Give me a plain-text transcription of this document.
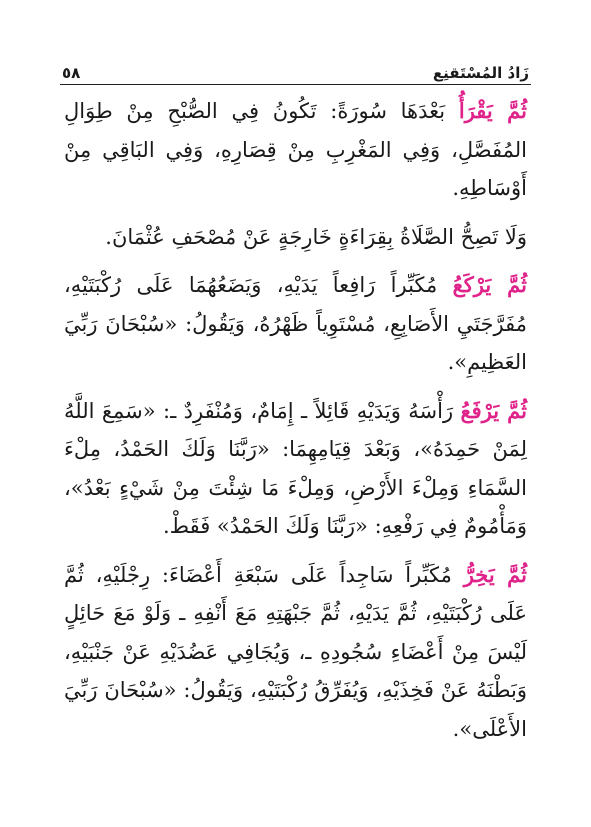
زَادُ المُسْتَقنِع
٥٨

ثُمَّ يَقْرَأُ بَعْدَهَا سُورَةً: تَكُونُ فِي الصُّبْحِ مِنْ طِوَالِ المُفَصَّلِ، وَفِي المَغْرِبِ مِنْ قِصَارِهِ، وَفِي البَاقِي مِنْ أَوْسَاطِهِ.

وَلَا تَصِحُّ الصَّلَاةُ بِقِرَاءَةٍ خَارِجَةٍ عَنْ مُصْحَفِ عُثْمَانَ.

ثُمَّ يَرْكَعُ مُكَبِّراً رَافِعاً يَدَيْهِ، وَيَضَعُهُمَا عَلَى رُكْبَتَيْهِ، مُفَرَّجَتَيِ الأَصَابِعِ، مُسْتَوِياً ظَهْرُهُ، وَيَقُولُ: «سُبْحَانَ رَبِّيَ العَظِيمِ».

ثُمَّ يَرْفَعُ رَأْسَهُ وَيَدَيْهِ قَائِلاً ـ إِمَامٌ، وَمُنْفَرِدٌ ـ: «سَمِعَ اللَّهُ لِمَنْ حَمِدَهُ»، وَبَعْدَ قِيَامِهِمَا: «رَبَّنَا وَلَكَ الحَمْدُ، مِلْءَ السَّمَاءِ وَمِلْءَ الأَرْضِ، وَمِلْءَ مَا شِئْتَ مِنْ شَيْءٍ بَعْدُ»، وَمَأْمُومٌ فِي رَفْعِهِ: «رَبَّنَا وَلَكَ الحَمْدُ» فَقَطْ.

ثُمَّ يَخِرُّ مُكَبِّراً سَاجِداً عَلَى سَبْعَةِ أَعْضَاءَ: رِجْلَيْهِ، ثُمَّ عَلَى رُكْبَتَيْهِ، ثُمَّ يَدَيْهِ، ثُمَّ جَبْهَتِهِ مَعَ أَنْفِهِ ـ وَلَوْ مَعَ حَائِلٍ لَيْسَ مِنْ أَعْضَاءِ سُجُودِهِ ـ، وَيُجَافِي عَضُدَيْهِ عَنْ جَنْبَيْهِ، وَبَطْنَهُ عَنْ فَخِذَيْهِ، وَيُفَرِّقُ رُكْبَتَيْهِ، وَيَقُولُ: «سُبْحَانَ رَبِّيَ الأَعْلَى».
